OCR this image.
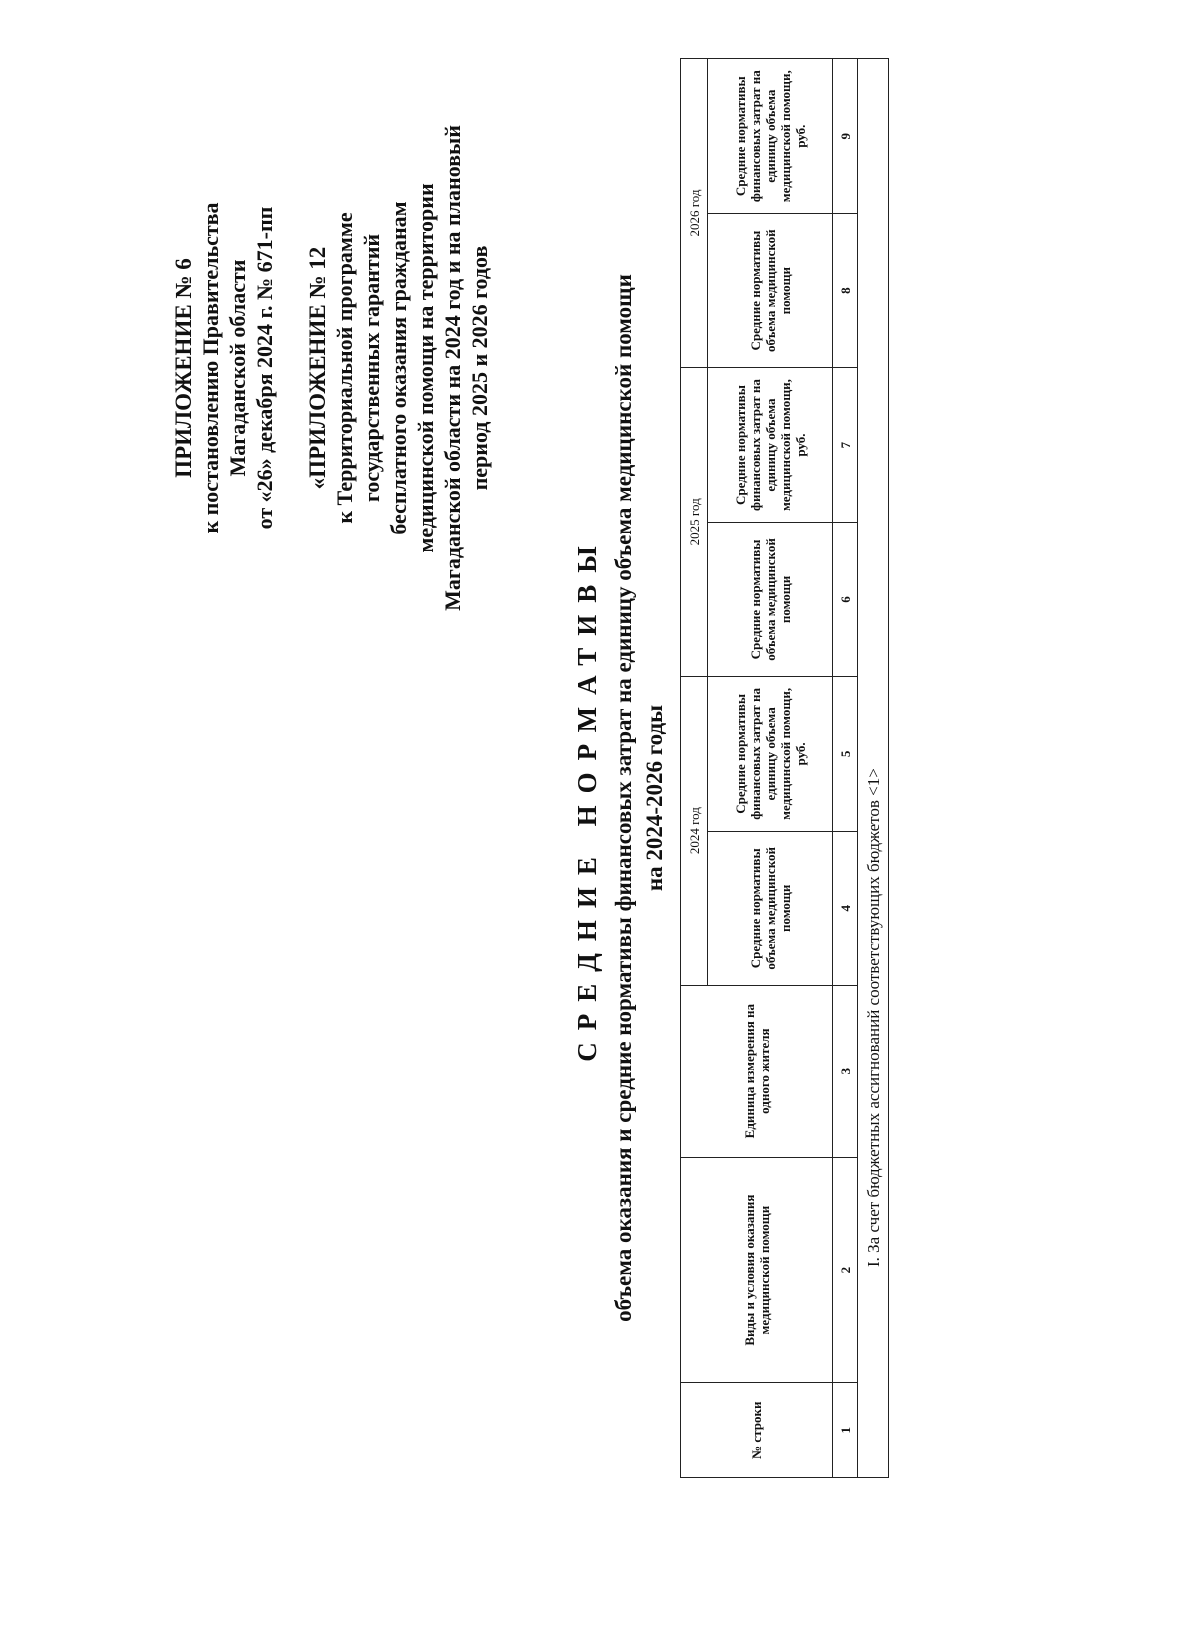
ПРИЛОЖЕНИЕ № 6 к постановлению Правительства Магаданской области от «26» декабря 2024 г. № 671-пп «ПРИЛОЖЕНИЕ № 12 к Территориальной программе государственных гарантий бесплатного оказания гражданам медицинской помощи на территории Магаданской области на 2024 год и на плановый период 2025 и 2026 годов
СРЕДНИЕ НОРМАТИВЫ объема оказания и средние нормативы финансовых затрат на единицу объема медицинской помощи на 2024-2026 годы
№ строки	Виды и условия оказания медицинской помощи	Единица измерения на одного жителя	2024 год		2025 год		2026 год	
			Средние нормативы объема медицинской помощи	Средние нормативы финансовых затрат на единицу объема медицинской помощи, руб.	Средние нормативы объема медицинской помощи	Средние нормативы финансовых затрат на единицу объема медицинской помощи, руб.	Средние нормативы объема медицинской помощи	Средние нормативы финансовых затрат на единицу объема медицинской помощи, руб.
1	2	3	4	5	6	7	8	9
I. За счет бюджетных ассигнований соответствующих бюджетов <1>								
